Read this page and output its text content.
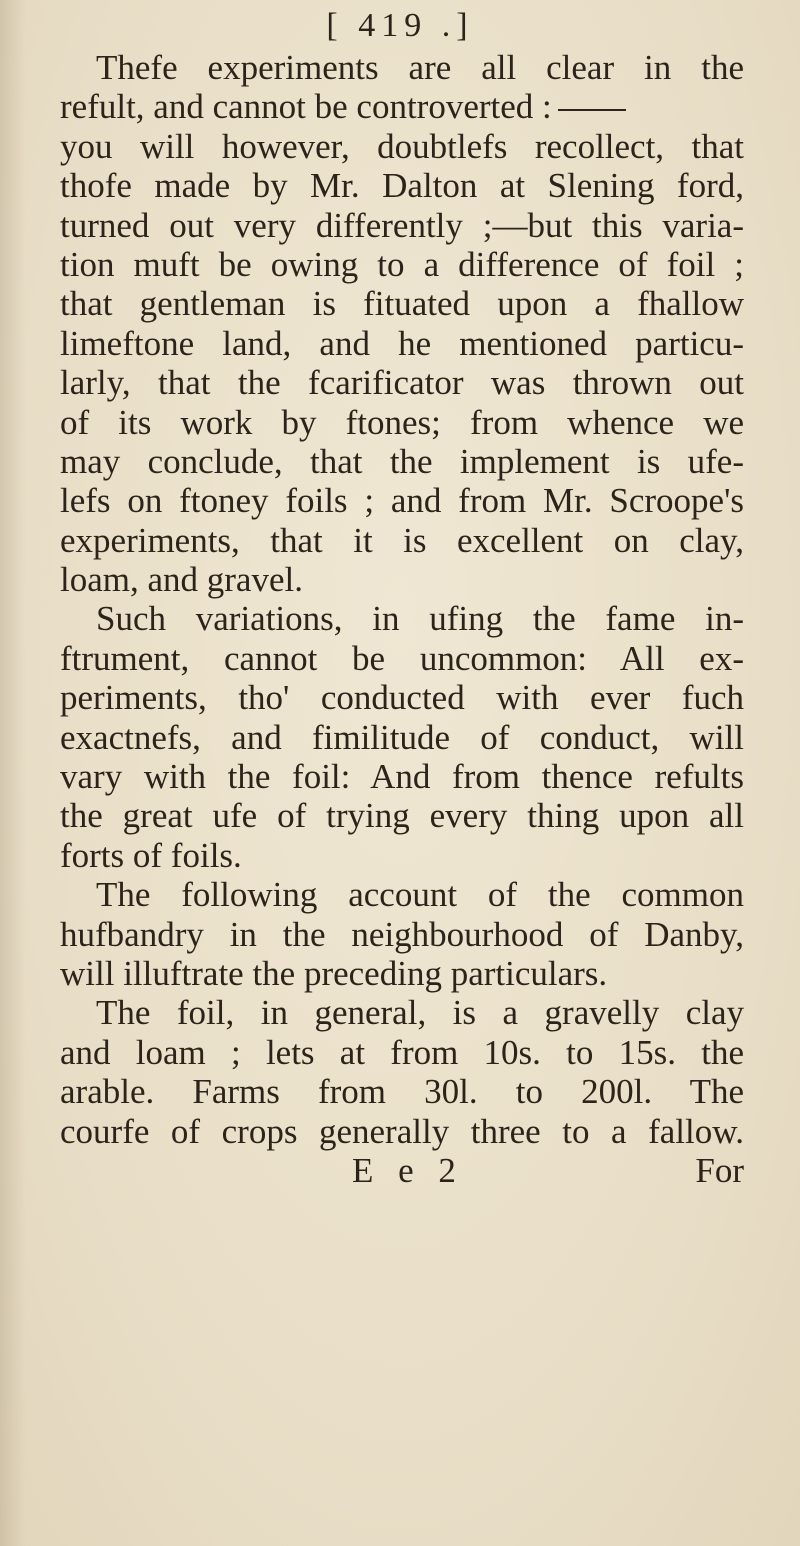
[ 419 .]
Thefe experiments are all clear in the
refult, and cannot be controverted :
you will however, doubtlefs recollect, that
thofe made by Mr. Dalton at Slening ford,
turned out very differently ;—but this varia-
tion muft be owing to a difference of foil ;
that gentleman is fituated upon a fhallow
limeftone land, and he mentioned particu-
larly, that the fcarificator was thrown out
of its work by ftones; from whence we
may conclude, that the implement is ufe-
lefs on ftoney foils ; and from Mr. Scroope's
experiments, that it is excellent on clay,
loam, and gravel.
Such variations, in ufing the fame in-
ftrument, cannot be uncommon: All ex-
periments, tho' conducted with ever fuch
exactnefs, and fimilitude of conduct, will
vary with the foil: And from thence refults
the great ufe of trying every thing upon all
forts of foils.
The following account of the common
hufbandry in the neighbourhood of Danby,
will illuftrate the preceding particulars.
The foil, in general, is a gravelly clay
and loam ; lets at from 10s. to 15s. the
arable. Farms from 30l. to 200l. The
courfe of crops generally three to a fallow.
E e 2	For
